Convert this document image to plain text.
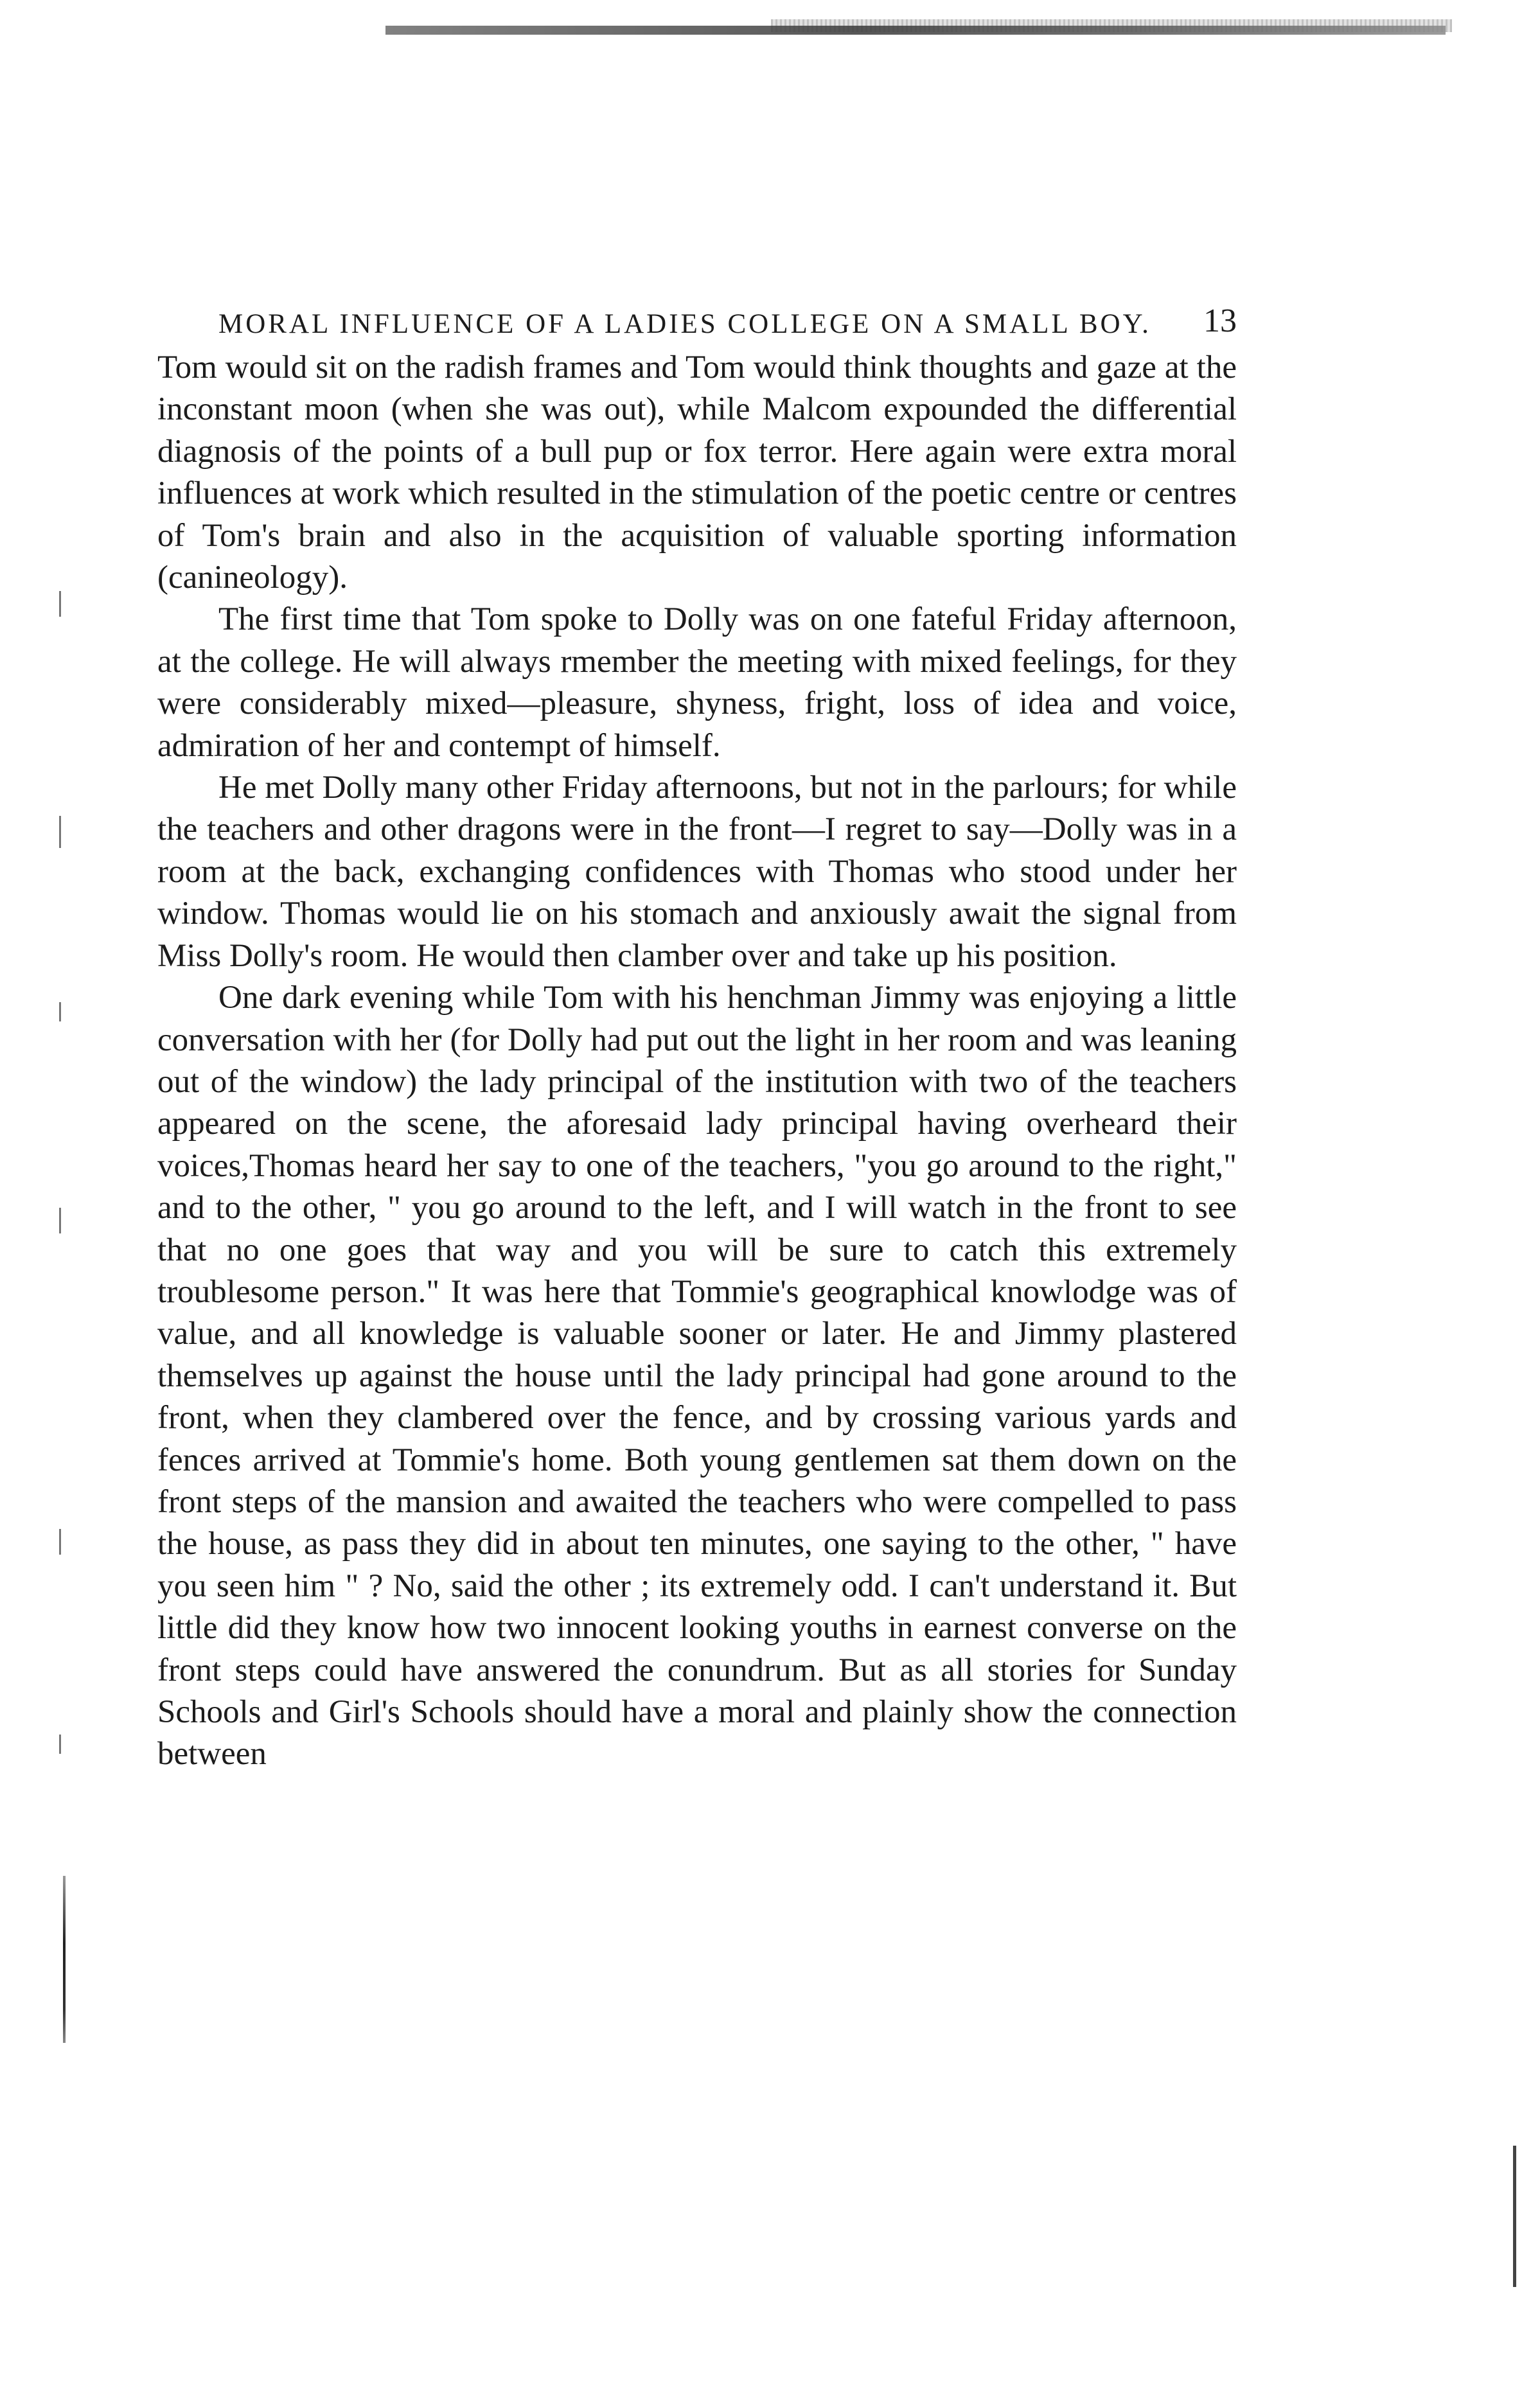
MORAL INFLUENCE OF A LADIES COLLEGE ON A SMALL BOY. 13

Tom would sit on the radish frames and Tom would think thoughts and gaze at the inconstant moon (when she was out), while Malcom expounded the differential diagnosis of the points of a bull pup or fox terror. Here again were extra moral influences at work which resulted in the stimulation of the poetic centre or centres of Tom's brain and also in the acquisition of valuable sporting information (canineology).

The first time that Tom spoke to Dolly was on one fateful Friday afternoon, at the college. He will always rmember the meeting with mixed feelings, for they were considerably mixed—pleasure, shyness, fright, loss of idea and voice, admiration of her and contempt of himself.

He met Dolly many other Friday afternoons, but not in the parlours; for while the teachers and other dragons were in the front—I regret to say—Dolly was in a room at the back, exchanging confidences with Thomas who stood under her window. Thomas would lie on his stomach and anxiously await the signal from Miss Dolly's room. He would then clamber over and take up his position.

One dark evening while Tom with his henchman Jimmy was enjoying a little conversation with her (for Dolly had put out the light in her room and was leaning out of the window) the lady principal of the institution with two of the teachers appeared on the scene, the aforesaid lady principal having overheard their voices,Thomas heard her say to one of the teachers, "you go around to the right," and to the other, " you go around to the left, and I will watch in the front to see that no one goes that way and you will be sure to catch this extremely troublesome person." It was here that Tommie's geographical knowlodge was of value, and all knowledge is valuable sooner or later. He and Jimmy plastered themselves up against the house until the lady principal had gone around to the front, when they clambered over the fence, and by crossing various yards and fences arrived at Tommie's home. Both young gentlemen sat them down on the front steps of the mansion and awaited the teachers who were compelled to pass the house, as pass they did in about ten minutes, one saying to the other, " have you seen him " ? No, said the other ; its extremely odd. I can't understand it. But little did they know how two innocent looking youths in earnest converse on the front steps could have answered the conundrum. But as all stories for Sunday Schools and Girl's Schools should have a moral and plainly show the connection between
